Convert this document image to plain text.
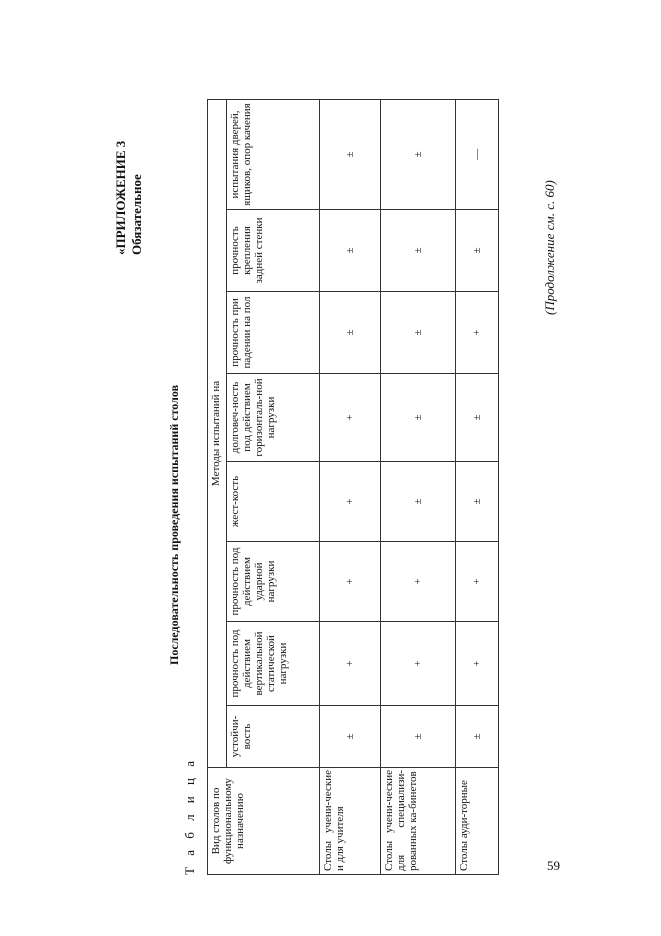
Т а б л и ц а
Последовательность проведения испытаний столов
«ПРИЛОЖЕНИЕ 3 Обязательное
Вид столов по функциональному назначению	Методы испытаний на							
	устойчи-вость	прочность под действием вертикальной статической нагрузки	прочность под действием ударной нагрузки	жест-кость	долговеч-ность под действием горизонталь-ной нагрузки	прочность при падении на пол	прочность крепления задней стенки	испытания дверей, ящиков, опор качения
Столы учени-ческие и для учителя	±	+	+	+	+	±	±	±
Столы учени-ческие для специализи-рованных ка-бинетов	±	+	+	±	±	±	±	±
Столы ауди-торные	±	+	+	±	±	+	±	—
(Продолжение см. с. 60)
59
